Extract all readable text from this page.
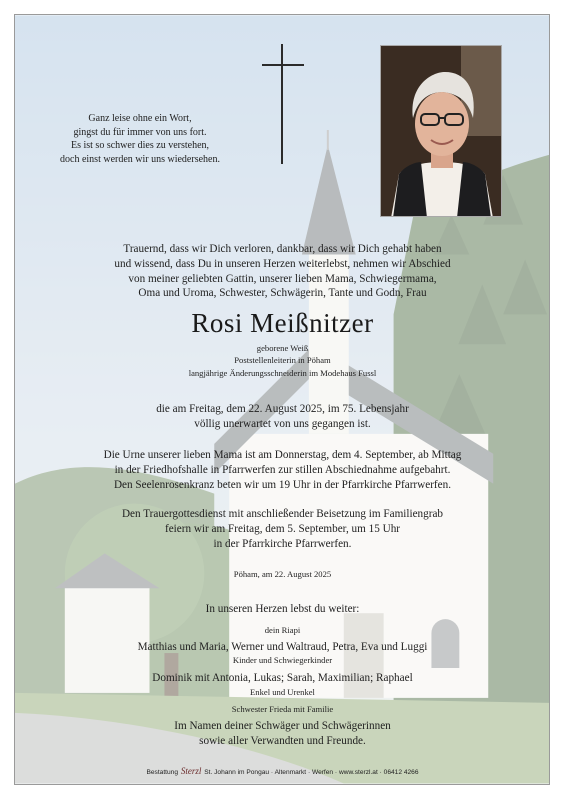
Ganz leise ohne ein Wort,
gingst du für immer von uns fort.
Es ist so schwer dies zu verstehen,
doch einst werden wir uns wiedersehen.
Trauernd, dass wir Dich verloren, dankbar, dass wir Dich gehabt haben
und wissend, dass Du in unseren Herzen weiterlebst, nehmen wir Abschied
von meiner geliebten Gattin, unserer lieben Mama, Schwiegermama,
Oma und Uroma, Schwester, Schwägerin, Tante und Godn, Frau
Rosi Meißnitzer
geborene Weiß
Poststellenleiterin in Pöham
langjährige Änderungsschneiderin im Modehaus Fussl
die am Freitag, dem 22. August 2025, im 75. Lebensjahr
völlig unerwartet von uns gegangen ist.
Die Urne unserer lieben Mama ist am Donnerstag, dem 4. September, ab Mittag
in der Friedhofshalle in Pfarrwerfen zur stillen Abschiednahme aufgebahrt.
Den Seelenrosenkranz beten wir um 19 Uhr in der Pfarrkirche Pfarrwerfen.
Den Trauergottesdienst mit anschließender Beisetzung im Familiengrab
feiern wir am Freitag, dem 5. September, um 15 Uhr
in der Pfarrkirche Pfarrwerfen.
Pöham, am 22. August 2025
In unseren Herzen lebst du weiter:
dein Riapi
Matthias und Maria, Werner und Waltraud, Petra, Eva und Luggi
Kinder und Schwiegerkinder
Dominik mit Antonia, Lukas; Sarah, Maximilian; Raphael
Enkel und Urenkel
Schwester Frieda mit Familie
Im Namen deiner Schwäger und Schwägerinnen
sowie aller Verwandten und Freunde.
Bestattung Sterzl St. Johann im Pongau · Altenmarkt · Werfen · www.sterzl.at · 06412 4266
